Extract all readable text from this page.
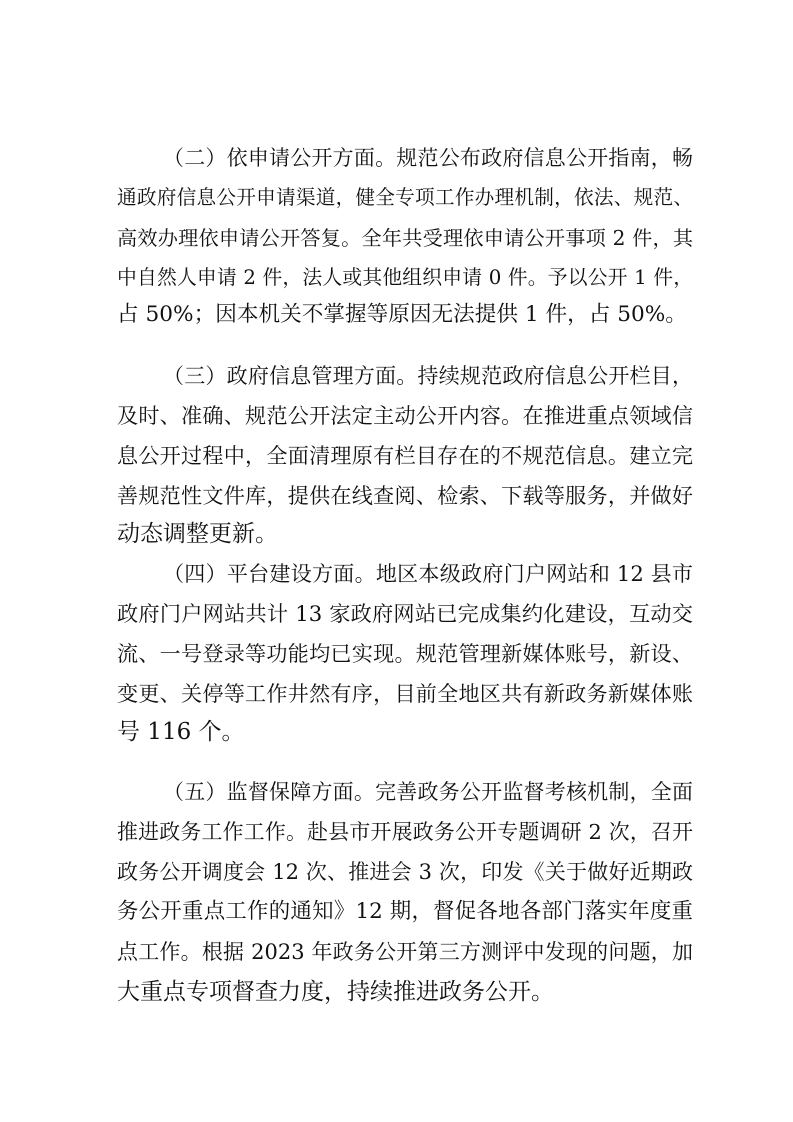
（二）依申请公开方面。规范公布政府信息公开指南，畅
通政府信息公开申请渠道，健全专项工作办理机制，依法、规范、
高效办理依申请公开答复。全年共受理依申请公开事项 2 件，其
中自然人申请 2 件，法人或其他组织申请 0 件。予以公开 1 件，
占 50%；因本机关不掌握等原因无法提供 1 件，占 50%。
（三）政府信息管理方面。持续规范政府信息公开栏目，
及时、准确、规范公开法定主动公开内容。在推进重点领域信
息公开过程中，全面清理原有栏目存在的不规范信息。建立完
善规范性文件库，提供在线查阅、检索、下载等服务，并做好
动态调整更新。
（四）平台建设方面。地区本级政府门户网站和 12 县市
政府门户网站共计 13 家政府网站已完成集约化建设，互动交
流、一号登录等功能均已实现。规范管理新媒体账号，新设、
变更、关停等工作井然有序，目前全地区共有新政务新媒体账
号 116 个。
（五）监督保障方面。完善政务公开监督考核机制，全面
推进政务工作工作。赴县市开展政务公开专题调研 2 次，召开
政务公开调度会 12 次、推进会 3 次，印发《关于做好近期政
务公开重点工作的通知》12 期，督促各地各部门落实年度重
点工作。根据 2023 年政务公开第三方测评中发现的问题，加
大重点专项督查力度，持续推进政务公开。
